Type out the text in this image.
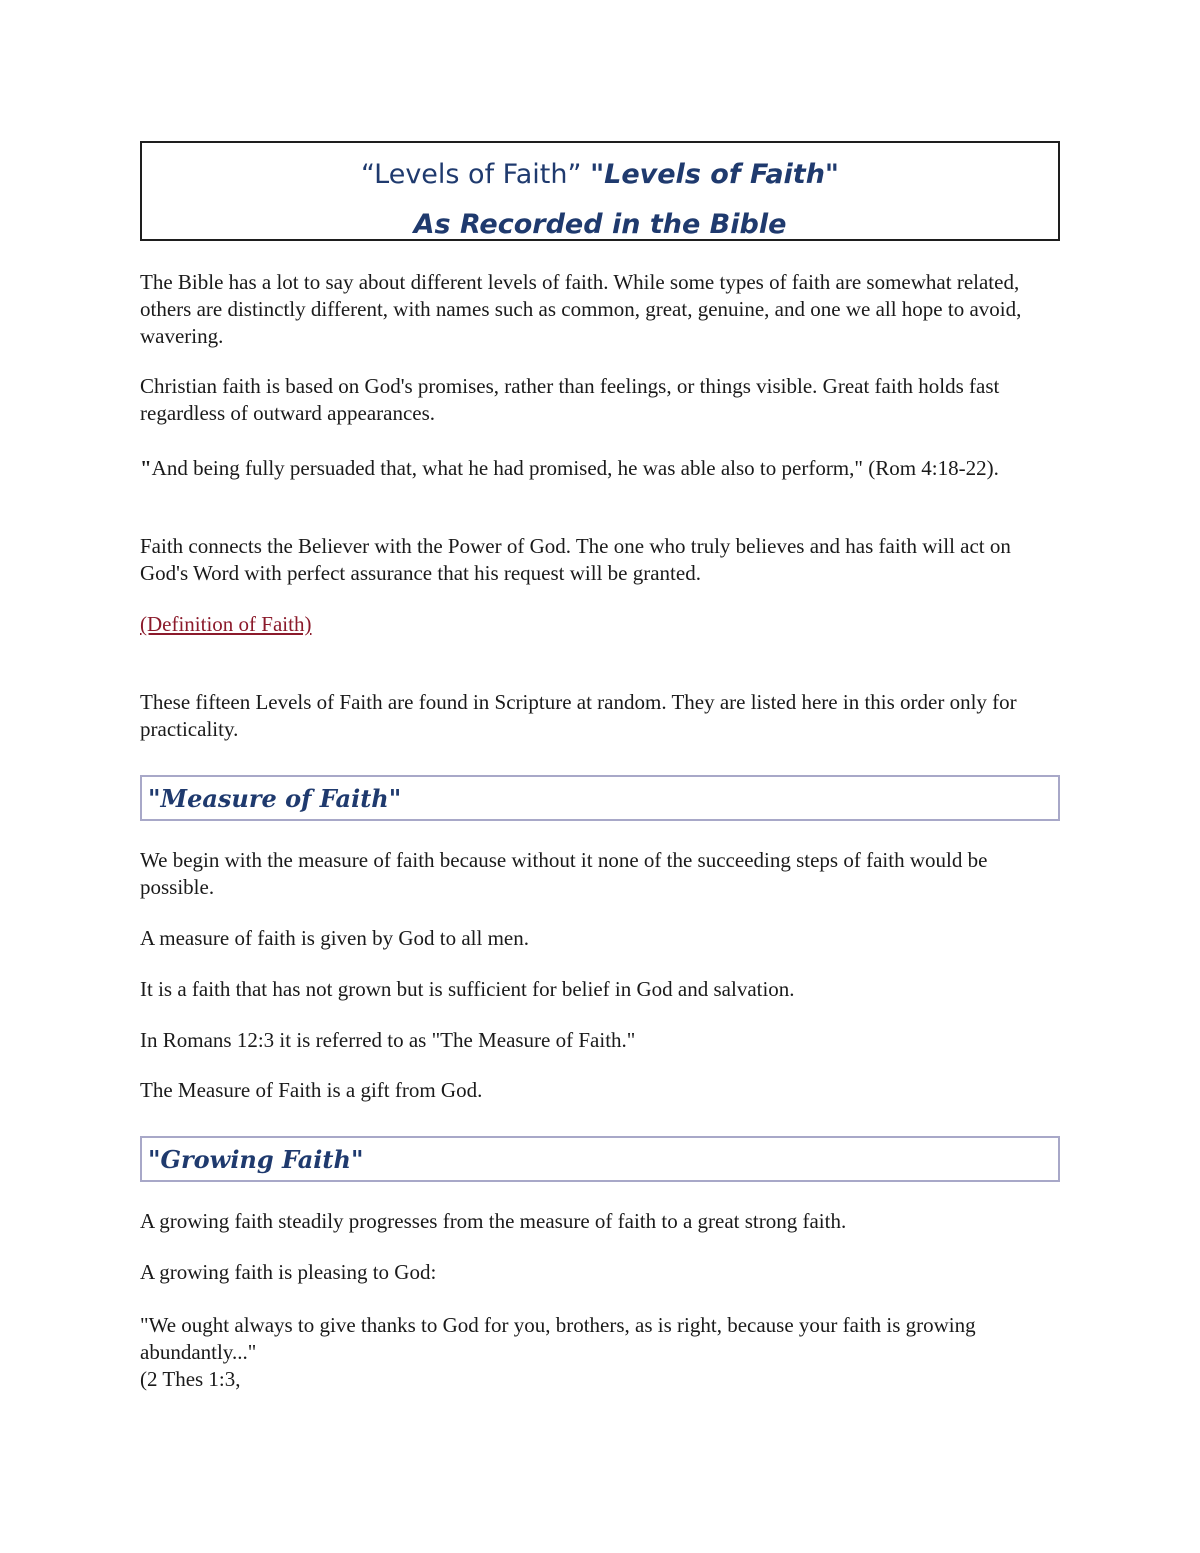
“Levels of Faith” "Levels of Faith"
As Recorded in the Bible

The Bible has a lot to say about different levels of faith. While some types of faith are somewhat related, others are distinctly different, with names such as common, great, genuine, and one we all hope to avoid, wavering.

Christian faith is based on God's promises, rather than feelings, or things visible. Great faith holds fast regardless of outward appearances.

"And being fully persuaded that, what he had promised, he was able also to perform," (Rom 4:18-22).

Faith connects the Believer with the Power of God. The one who truly believes and has faith will act on God's Word with perfect assurance that his request will be granted.

(Definition of Faith)

These fifteen Levels of Faith are found in Scripture at random. They are listed here in this order only for practicality.

"Measure of Faith"

We begin with the measure of faith because without it none of the succeeding steps of faith would be possible.

A measure of faith is given by God to all men.

It is a faith that has not grown but is sufficient for belief in God and salvation.

In Romans 12:3 it is referred to as "The Measure of Faith."

The Measure of Faith is a gift from God.

"Growing Faith"

A growing faith steadily progresses from the measure of faith to a great strong faith.

A growing faith is pleasing to God:

"We ought always to give thanks to God for you, brothers, as is right, because your faith is growing abundantly..."

(2 Thes 1:3,
